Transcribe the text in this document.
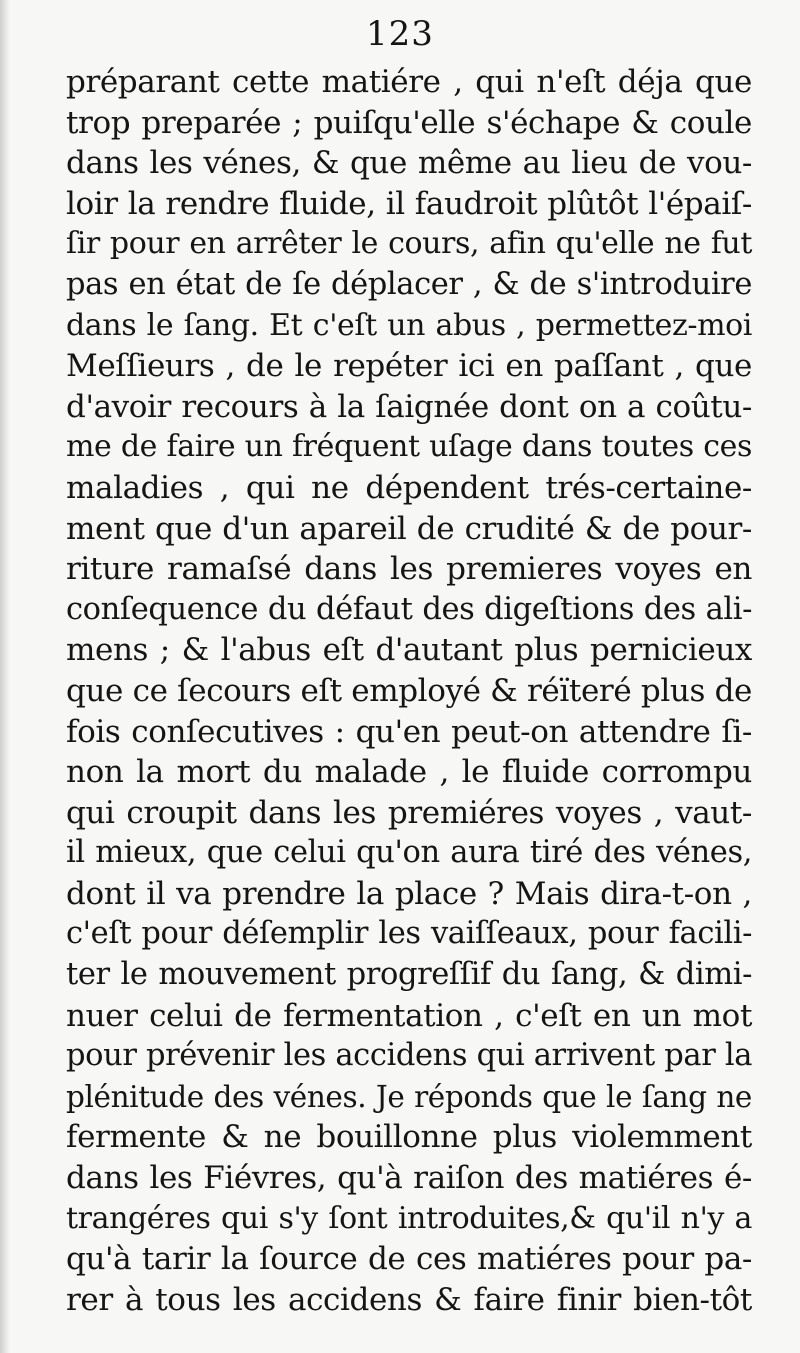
123
préparant cette matiére , qui n'eſt déja que
trop preparée ; puiſqu'elle s'échape & coule
dans les vénes, & que même au lieu de vou-
loir la rendre fluide, il faudroit plûtôt l'épaiſ-
ſir pour en arrêter le cours, afin qu'elle ne fut
pas en état de ſe déplacer , & de s'introduire
dans le ſang. Et c'eſt un abus , permettez-moi
Meſſieurs , de le repéter ici en paſſant , que
d'avoir recours à la ſaignée dont on a coûtu-
me de faire un fréquent uſage dans toutes ces
maladies , qui ne dépendent trés-certaine-
ment que d'un apareil de crudité & de pour-
riture ramaſsé dans les premieres voyes en
conſequence du défaut des digeſtions des ali-
mens ; & l'abus eſt d'autant plus pernicieux
que ce ſecours eſt employé & réïteré plus de
fois conſecutives : qu'en peut-on attendre ſi-
non la mort du malade , le fluide corrompu
qui croupit dans les premiéres voyes , vaut-
il mieux, que celui qu'on aura tiré des vénes,
dont il va prendre la place ? Mais dira-t-on ,
c'eſt pour déſemplir les vaiſſeaux, pour facili-
ter le mouvement progreſſif du ſang, & dimi-
nuer celui de fermentation , c'eſt en un mot
pour prévenir les accidens qui arrivent par la
plénitude des vénes. Je réponds que le ſang ne
fermente & ne bouillonne plus violemment
dans les Fiévres, qu'à raiſon des matiéres é-
trangéres qui s'y ſont introduites,& qu'il n'y a
qu'à tarir la ſource de ces matiéres pour pa-
rer à tous les accidens & faire finir bien-tôt
